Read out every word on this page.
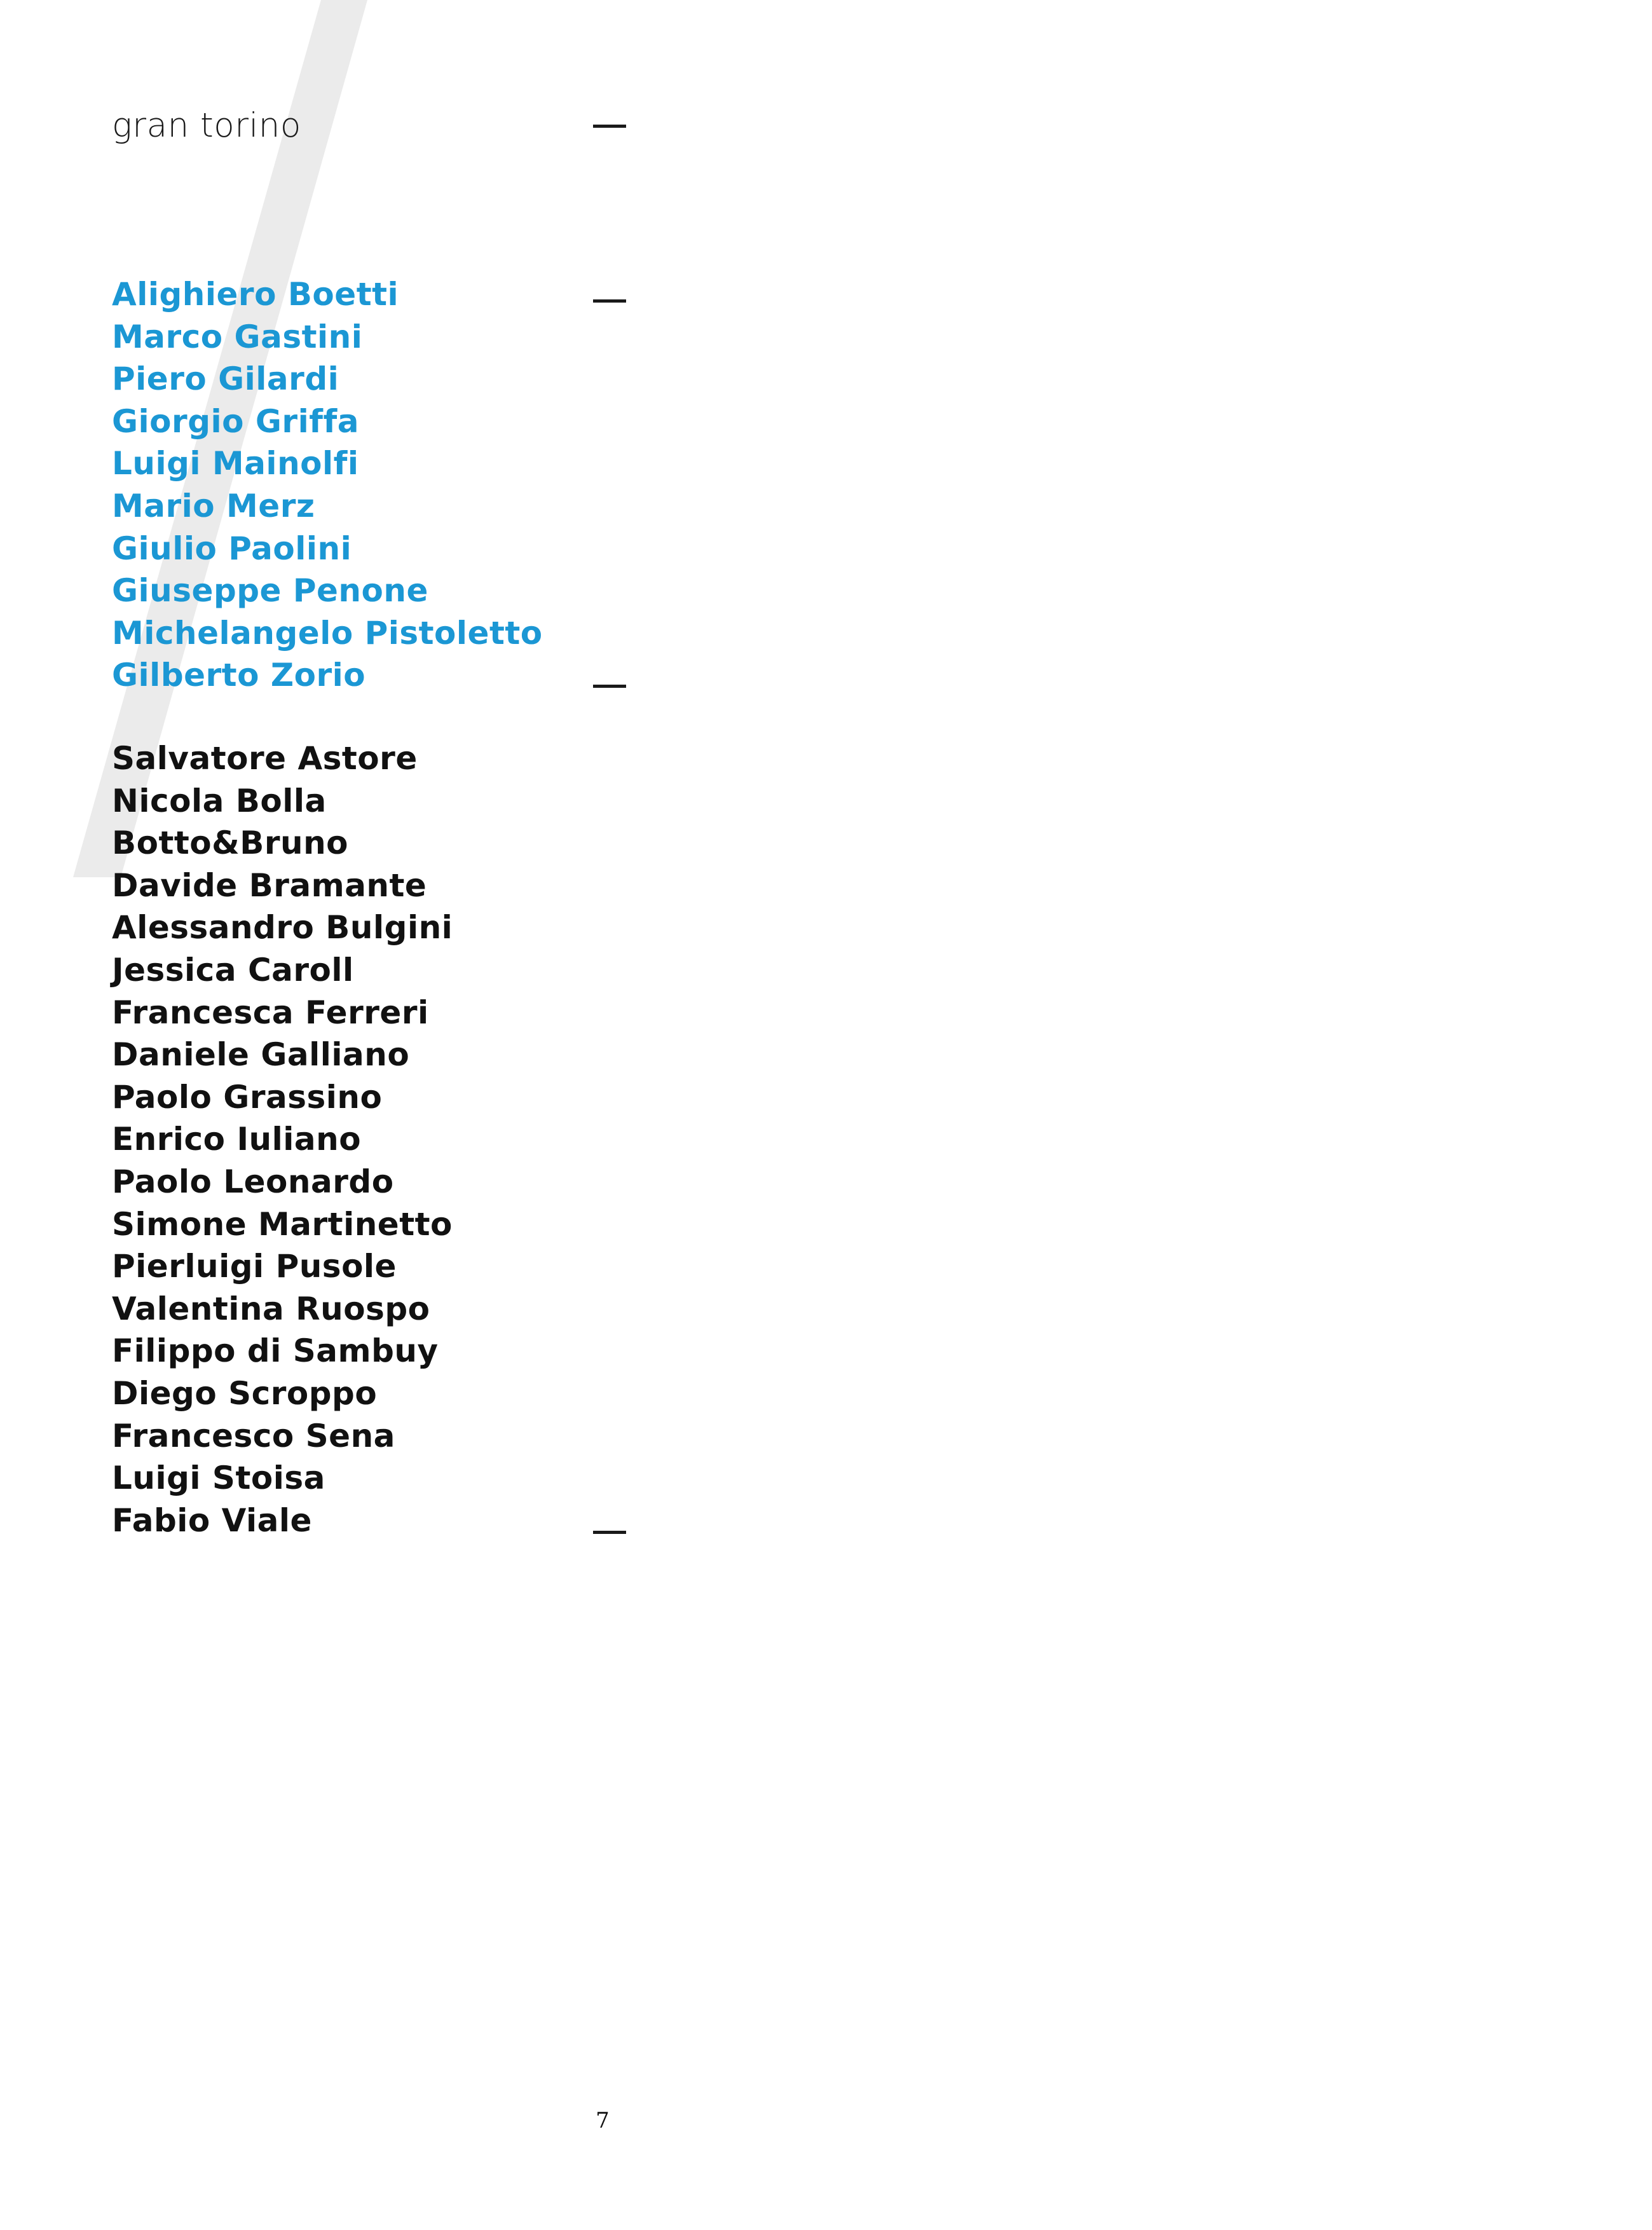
gran torino
Alighiero Boetti
Marco Gastini
Piero Gilardi
Giorgio Griffa
Luigi Mainolfi
Mario Merz
Giulio Paolini
Giuseppe Penone
Michelangelo Pistoletto
Gilberto Zorio
Salvatore Astore
Nicola Bolla
Botto&Bruno
Davide Bramante
Alessandro Bulgini
Jessica Caroll
Francesca Ferreri
Daniele Galliano
Paolo Grassino
Enrico Iuliano
Paolo Leonardo
Simone Martinetto
Pierluigi Pusole
Valentina Ruospo
Filippo di Sambuy
Diego Scroppo
Francesco Sena
Luigi Stoisa
Fabio Viale
7
